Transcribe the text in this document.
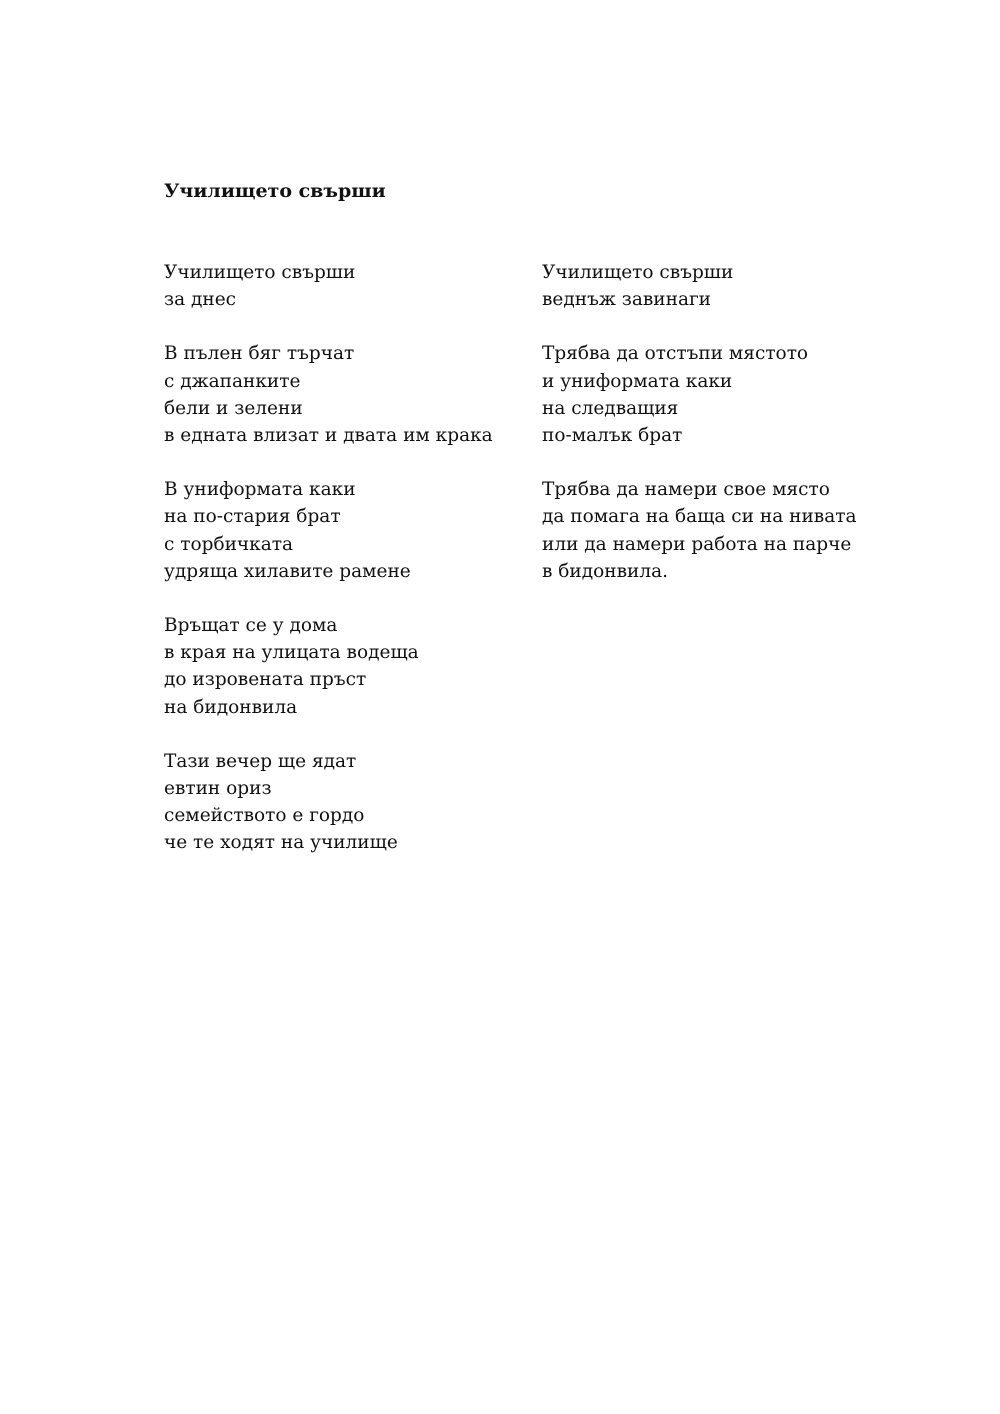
Училището свърши
Училището свърши
за днес
В пълен бяг търчат
с джапанките
бели и зелени
в едната влизат и двата им крака
В униформата каки
на по-стария брат
с торбичката
удряща хилавите рамене
Връщат се у дома
в края на улицата водеща
до изровената пръст
на бидонвила
Тази вечер ще ядат
евтин ориз
семейството е гордо
че те ходят на училище
Училището свърши
веднъж завинаги
Трябва да отстъпи мястото
и униформата каки
на следващия
по-малък брат
Трябва да намери свое място
да помага на баща си на нивата
или да намери работа на парче
в бидонвила.
